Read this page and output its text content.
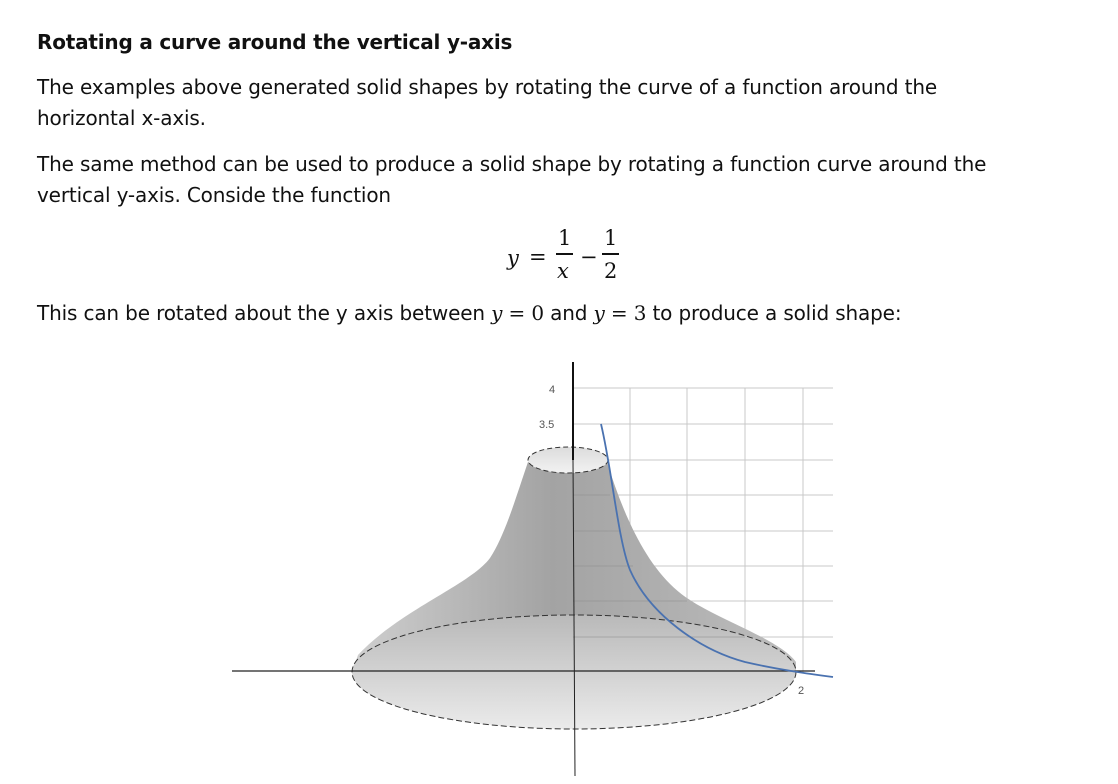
Rotating a curve around the vertical y-axis
The examples above generated solid shapes by rotating the curve of a function around the horizontal x-axis.
The same method can be used to produce a solid shape by rotating a function curve around the vertical y-axis. Conside the function
y =
1
x
−
1
2
This can be rotated about the y axis between y = 0 and y = 3 to produce a solid shape:
4
3.5
2
